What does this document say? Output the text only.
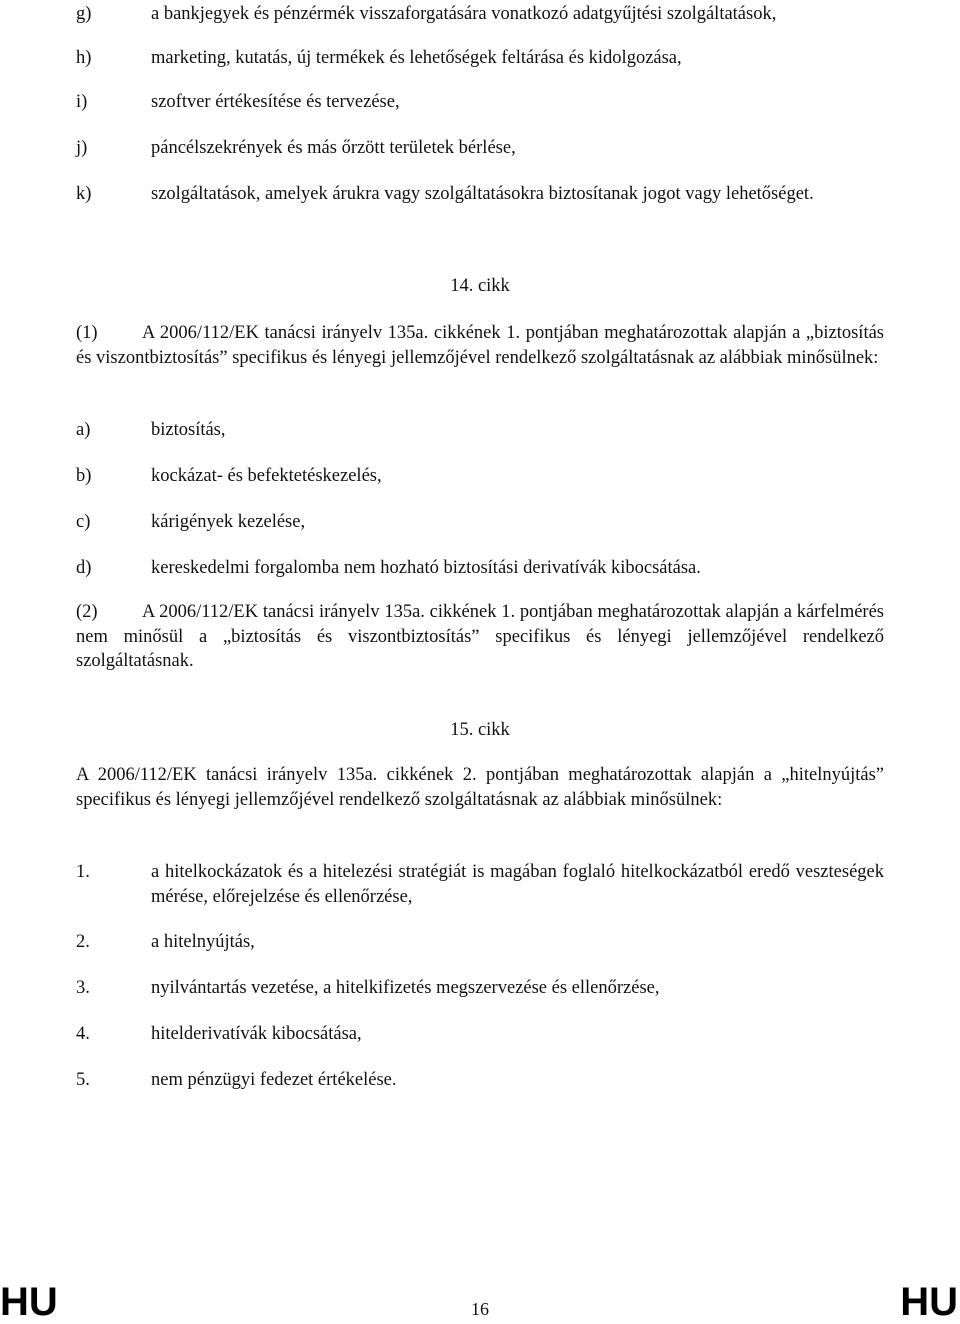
g)	a bankjegyek és pénzérmék visszaforgatására vonatkozó adatgyűjtési szolgáltatások,
h)	marketing, kutatás, új termékek és lehetőségek feltárása és kidolgozása,
i)	szoftver értékesítése és tervezése,
j)	páncélszekrények és más őrzött területek bérlése,
k)	szolgáltatások, amelyek árukra vagy szolgáltatásokra biztosítanak jogot vagy lehetőséget.
14. cikk
(1) A 2006/112/EK tanácsi irányelv 135a. cikkének 1. pontjában meghatározottak alapján a „biztosítás és viszontbiztosítás” specifikus és lényegi jellemzőjével rendelkező szolgáltatásnak az alábbiak minősülnek:
a)	biztosítás,
b)	kockázat- és befektetéskezelés,
c)	kárigények kezelése,
d)	kereskedelmi forgalomba nem hozható biztosítási derivatívák kibocsátása.
(2) A 2006/112/EK tanácsi irányelv 135a. cikkének 1. pontjában meghatározottak alapján a kárfelmérés nem minősül a „biztosítás és viszontbiztosítás” specifikus és lényegi jellemzőjével rendelkező szolgáltatásnak.
15. cikk
A 2006/112/EK tanácsi irányelv 135a. cikkének 2. pontjában meghatározottak alapján a „hitelnyújtás” specifikus és lényegi jellemzőjével rendelkező szolgáltatásnak az alábbiak minősülnek:
1.	a hitelkockázatok és a hitelezési stratégiát is magában foglaló hitelkockázatból eredő veszteségek mérése, előrejelzése és ellenőrzése,
2.	a hitelnyújtás,
3.	nyilvántartás vezetése, a hitelkifizetés megszervezése és ellenőrzése,
4.	hitelderivatívák kibocsátása,
5.	nem pénzügyi fedezet értékelése.
HU	16	HU
